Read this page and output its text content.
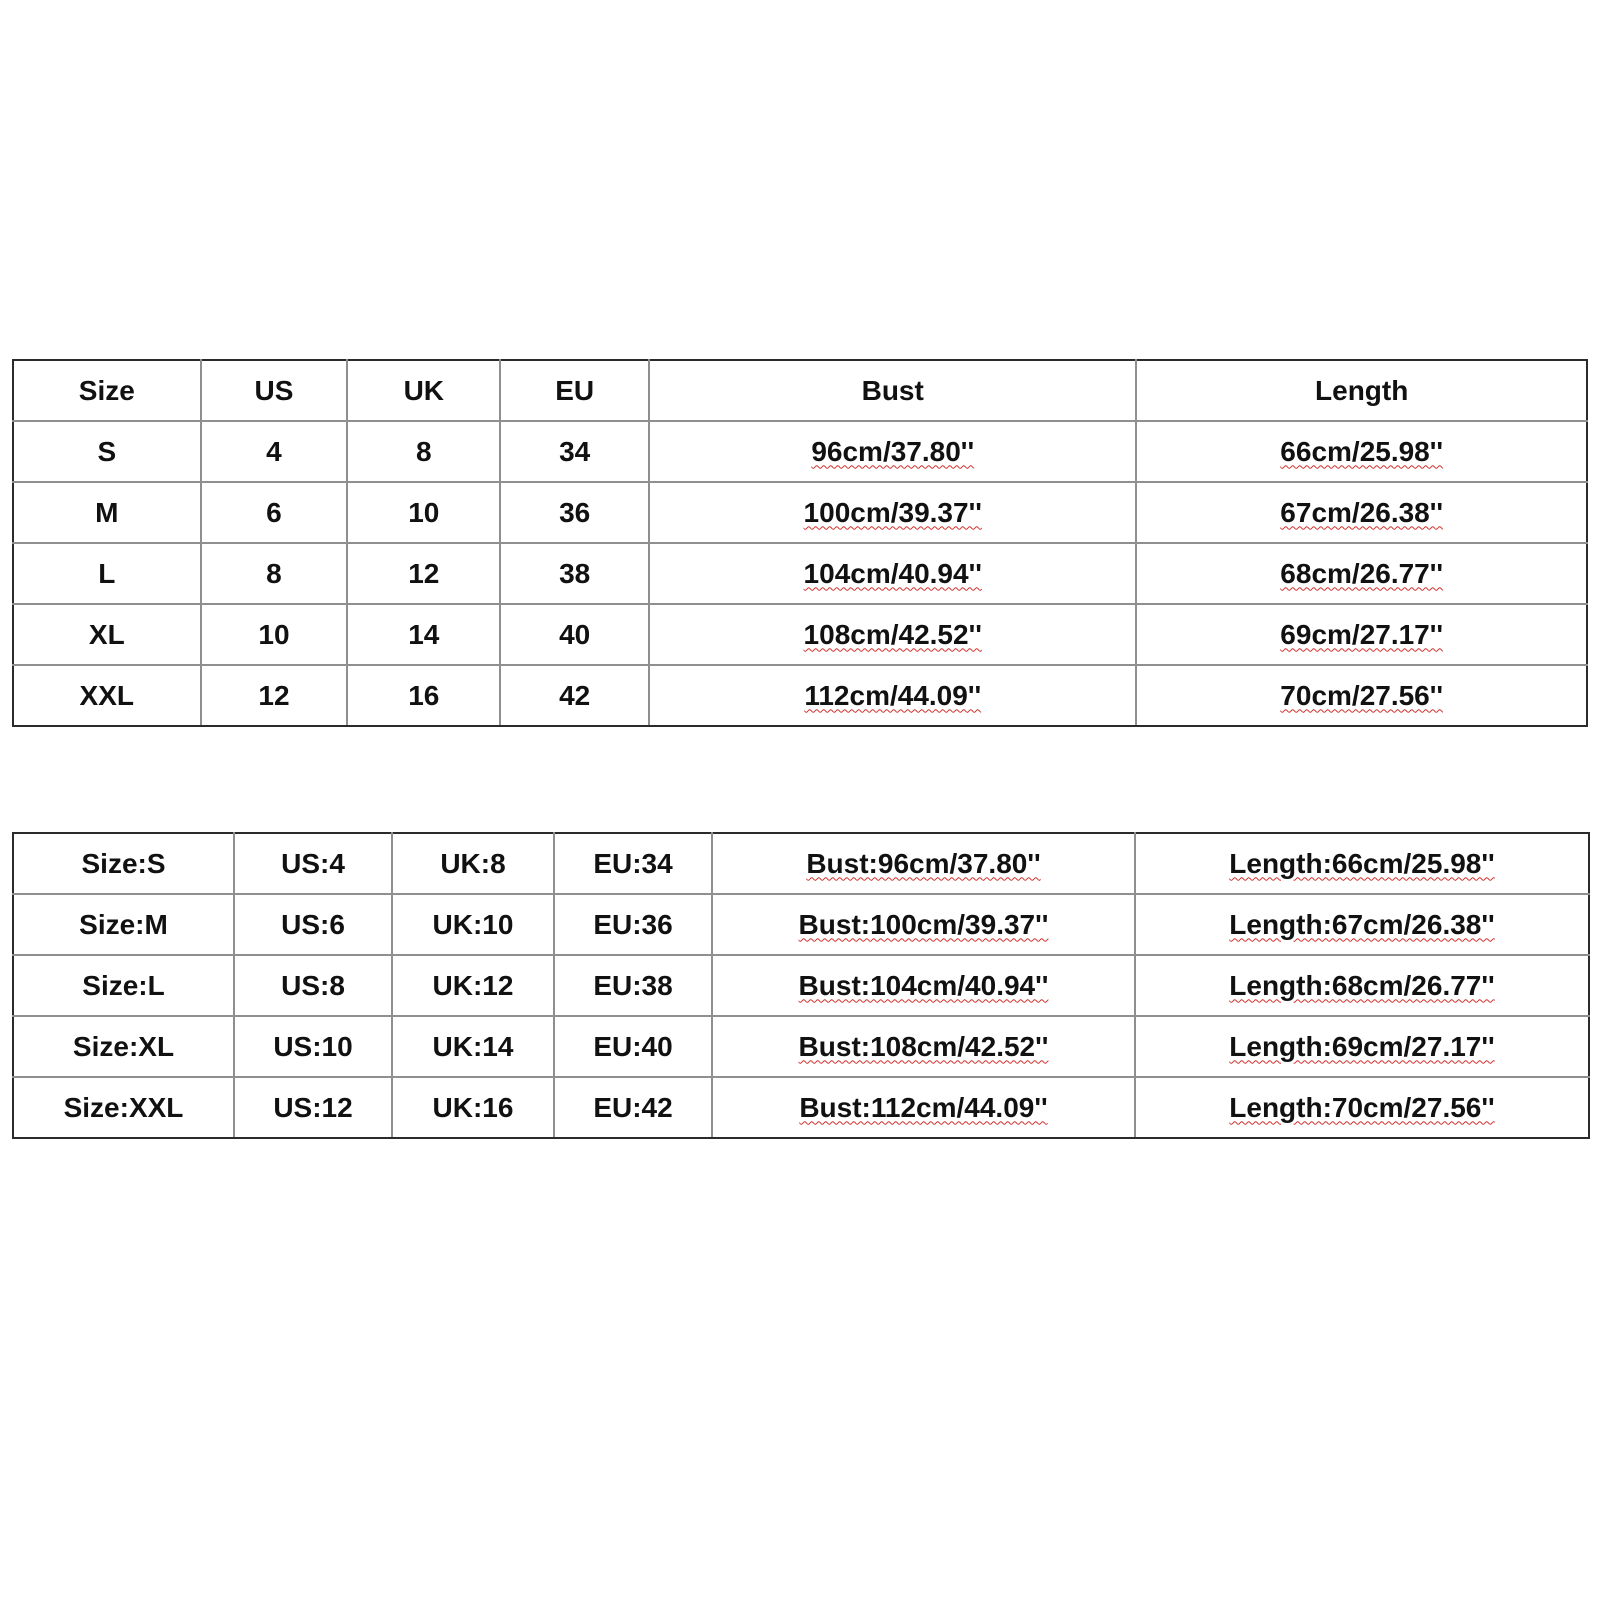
Size	US	UK	EU	Bust	Length
S	4	8	34	96cm/37.80''	66cm/25.98''
M	6	10	36	100cm/39.37''	67cm/26.38''
L	8	12	38	104cm/40.94''	68cm/26.77''
XL	10	14	40	108cm/42.52''	69cm/27.17''
XXL	12	16	42	112cm/44.09''	70cm/27.56''
Size:S	US:4	UK:8	EU:34	Bust:96cm/37.80''	Length:66cm/25.98''
Size:M	US:6	UK:10	EU:36	Bust:100cm/39.37''	Length:67cm/26.38''
Size:L	US:8	UK:12	EU:38	Bust:104cm/40.94''	Length:68cm/26.77''
Size:XL	US:10	UK:14	EU:40	Bust:108cm/42.52''	Length:69cm/27.17''
Size:XXL	US:12	UK:16	EU:42	Bust:112cm/44.09''	Length:70cm/27.56''
